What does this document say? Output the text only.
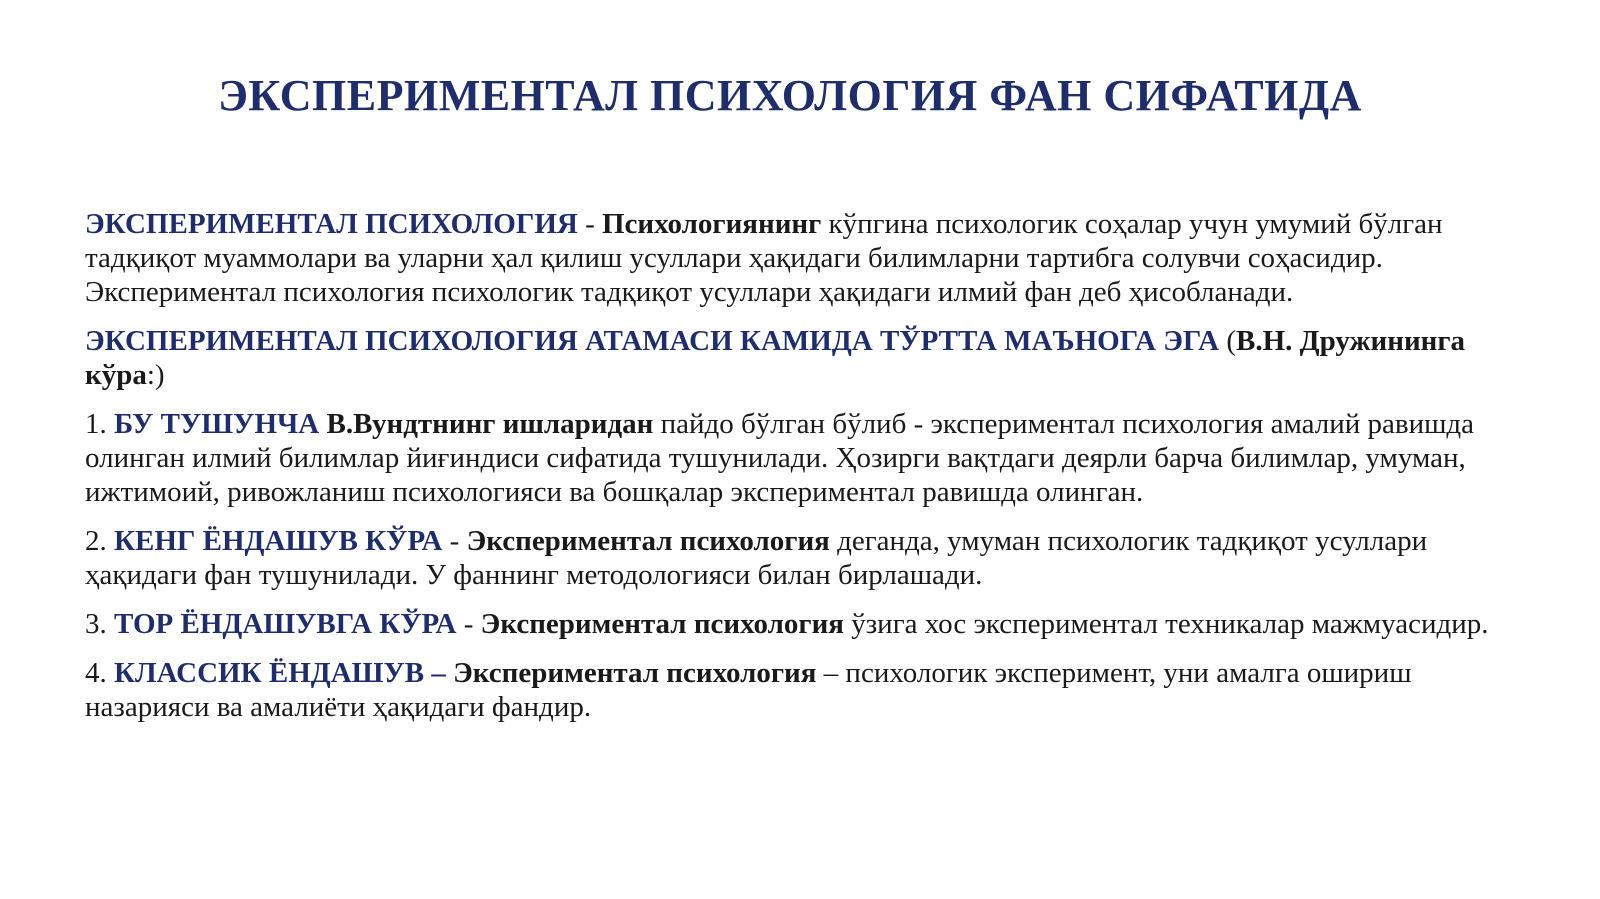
ЭКСПЕРИМЕНТАЛ ПСИХОЛОГИЯ ФАН СИФАТИДА

ЭКСПЕРИМЕНТАЛ ПСИХОЛОГИЯ - Психологиянинг кўпгина психологик соҳалар учун умумий бўлган тадқиқот муаммолари ва уларни ҳал қилиш усуллари ҳақидаги билимларни тартибга солувчи соҳасидир. Экспериментал психология психологик тадқиқот усуллари ҳақидаги илмий фан деб ҳисобланади.

ЭКСПЕРИМЕНТАЛ ПСИХОЛОГИЯ АТАМАСИ КАМИДА ТЎРТТА МАЪНОГА ЭГА (В.Н. Дружининга кўра:)

1. БУ ТУШУНЧА В.Вундтнинг ишларидан пайдо бўлган бўлиб - экспериментал психология амалий равишда олинган илмий билимлар йиғиндиси сифатида тушунилади. Ҳозирги вақтдаги деярли барча билимлар, умуман, ижтимоий, ривожланиш психологияси ва бошқалар экспериментал равишда олинган.

2. КЕНГ ЁНДАШУВ КЎРА - Экспериментал психология деганда, умуман психологик тадқиқот усуллари ҳақидаги фан тушунилади. У фаннинг методологияси билан бирлашади.

3. ТОР ЁНДАШУВГА КЎРА - Экспериментал психология ўзига хос экспериментал техникалар мажмуасидир.

4. КЛАССИК ЁНДАШУВ – Экспериментал психология – психологик эксперимент, уни амалга ошириш назарияси ва амалиёти ҳақидаги фандир.
